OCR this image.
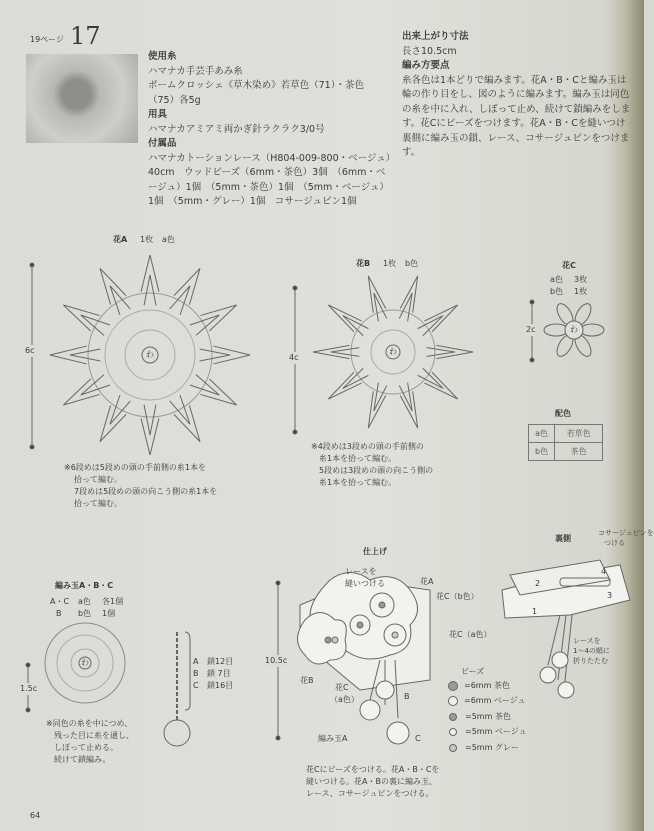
19ページ 17
使用糸
ハマナカ手芸手あみ糸
ボームクロッシェ《草木染め》若草色（71）・茶色
（75）各5g
用具
ハマナカアミアミ両かぎ針ラクラク3/0号
付属品
ハマナカトーションレース（H804-009-800・ベージュ）
40cm　ウッドビーズ（6mm・茶色）3個　（6mm・ベ
ージュ）1個　（5mm・茶色）1個　（5mm・ベージュ）
1個　（5mm・グレー）1個　コサージュピン1個
出来上がり寸法
長さ10.5cm
編み方要点
糸各色は1本どりで編みます。花A・B・Cと編み玉は
輪の作り目をし、図のように編みます。編み玉は同色
の糸を中に入れ、しぼって止め、続けて鎖編みをしま
す。花Cにビーズをつけます。花A・B・Cを縫いつけ
裏側に編み玉の鎖、レース、コサージュピンをつけま
す。
花A 1枚 a色
6c	わ
※6段めは5段めの頭の手前側の糸1本を
拾って編む。
7段めは5段めの頭の向こう側の糸1本を
拾って編む。
花B 1枚 b色
4c
わ
※4段めは3段めの頭の手前側の
糸1本を拾って編む。
5段めは3段めの頭の向こう側の
糸1本を拾って編む。
花C
a色 3枚
b色 1枚
2c	わ
配色
a色	若草色
b色	茶色
編み玉A・B・C
A・C a色 各1個
B b色 1個
1.5c
わ	A 鎖12目
B 鎖 7目
C 鎖16目
※同色の糸を中につめ、
残った目に糸を通し、
しぼって止める。
続けて鎖編み。
仕上げ
10.5c
レースを
縫いつける	花A
花C（b色）
花C（a色）
花B
花C
（a色）	B
編み玉A	C
ビーズ
=6mm 茶色
=6mm ベージュ
=5mm 茶色
=5mm ベージュ
=5mm グレー
花Cにビーズをつける。花A・B・Cを
縫いつける。花A・Bの裏に編み玉、
レース、コサージュピンをつける。
裏側
コサージュピンを
つける
レースを
1～4の順に
折りたたむ
1
2
3
4
64
